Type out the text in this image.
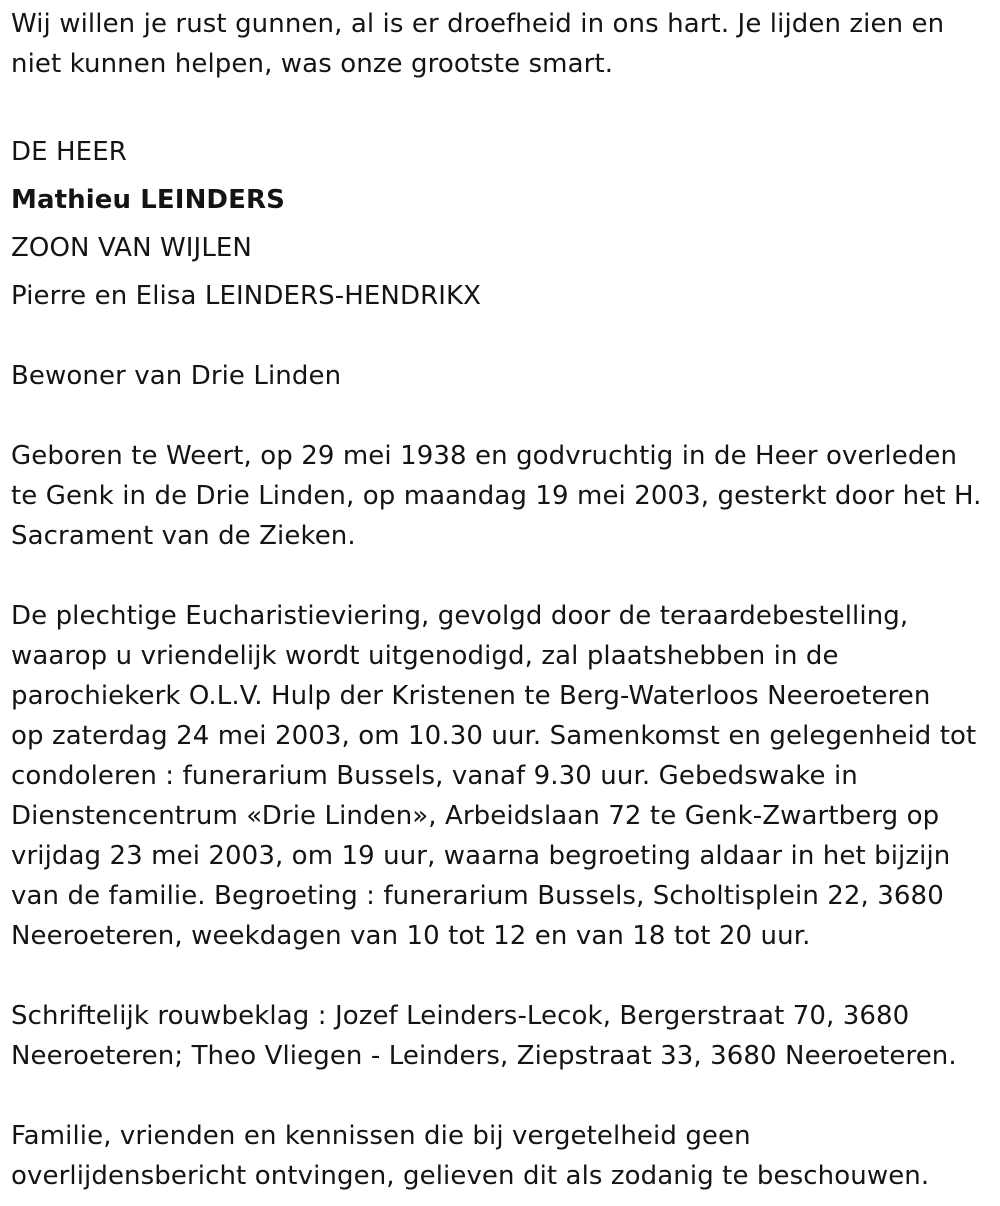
Wij willen je rust gunnen, al is er droefheid in ons hart. Je lijden zien en
niet kunnen helpen, was onze grootste smart.

DE HEER

Mathieu LEINDERS

ZOON VAN WIJLEN

Pierre en Elisa LEINDERS-HENDRIKX

Bewoner van Drie Linden

Geboren te Weert, op 29 mei 1938 en godvruchtig in de Heer overleden
te Genk in de Drie Linden, op maandag 19 mei 2003, gesterkt door het H.
Sacrament van de Zieken.

De plechtige Eucharistieviering, gevolgd door de teraardebestelling,
waarop u vriendelijk wordt uitgenodigd, zal plaatshebben in de
parochiekerk O.L.V. Hulp der Kristenen te Berg-Waterloos Neeroeteren
op zaterdag 24 mei 2003, om 10.30 uur. Samenkomst en gelegenheid tot
condoleren : funerarium Bussels, vanaf 9.30 uur. Gebedswake in
Dienstencentrum «Drie Linden», Arbeidslaan 72 te Genk-Zwartberg op
vrijdag 23 mei 2003, om 19 uur, waarna begroeting aldaar in het bijzijn
van de familie. Begroeting : funerarium Bussels, Scholtisplein 22, 3680
Neeroeteren, weekdagen van 10 tot 12 en van 18 tot 20 uur.

Schriftelijk rouwbeklag : Jozef Leinders-Lecok, Bergerstraat 70, 3680
Neeroeteren; Theo Vliegen - Leinders, Ziepstraat 33, 3680 Neeroeteren.

Familie, vrienden en kennissen die bij vergetelheid geen
overlijdensbericht ontvingen, gelieven dit als zodanig te beschouwen.
